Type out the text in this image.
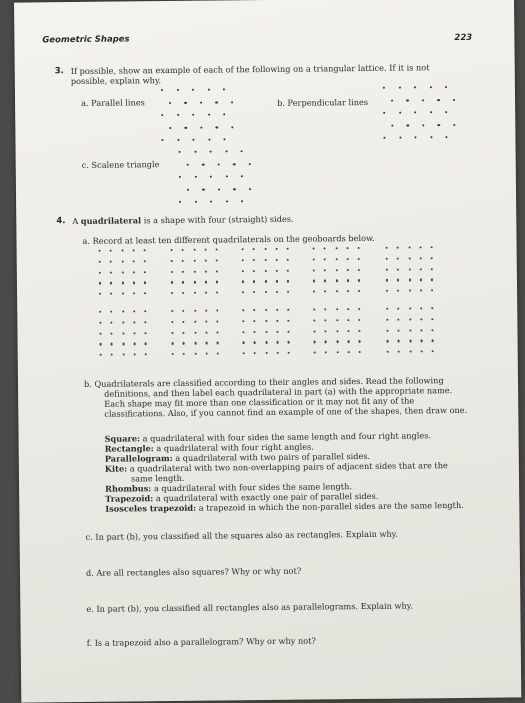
Geometric Shapes	223
3. If possible, show an example of each of the following on a triangular lattice. If it is not
possible, explain why.
a. Parallel lines	b. Perpendicular lines
c. Scalene triangle
4. A quadrilateral is a shape with four (straight) sides.
a. Record at least ten different quadrilaterals on the geoboards below.
b. Quadrilaterals are classified according to their angles and sides. Read the following
definitions, and then label each quadrilateral in part (a) with the appropriate name.
Each shape may fit more than one classification or it may not fit any of the
classifications. Also, if you cannot find an example of one of the shapes, then draw one.
Square: a quadrilateral with four sides the same length and four right angles.
Rectangle: a quadrilateral with four right angles.
Parallelogram: a quadrilateral with two pairs of parallel sides.
Kite: a quadrilateral with two non-overlapping pairs of adjacent sides that are the
same length.
Rhombus: a quadrilateral with four sides the same length.
Trapezoid: a quadrilateral with exactly one pair of parallel sides.
Isosceles trapezoid: a trapezoid in which the non-parallel sides are the same length.
c. In part (b), you classified all the squares also as rectangles. Explain why.
d. Are all rectangles also squares? Why or why not?
e. In part (b), you classified all rectangles also as parallelograms. Explain why.
f. Is a trapezoid also a parallelogram? Why or why not?
